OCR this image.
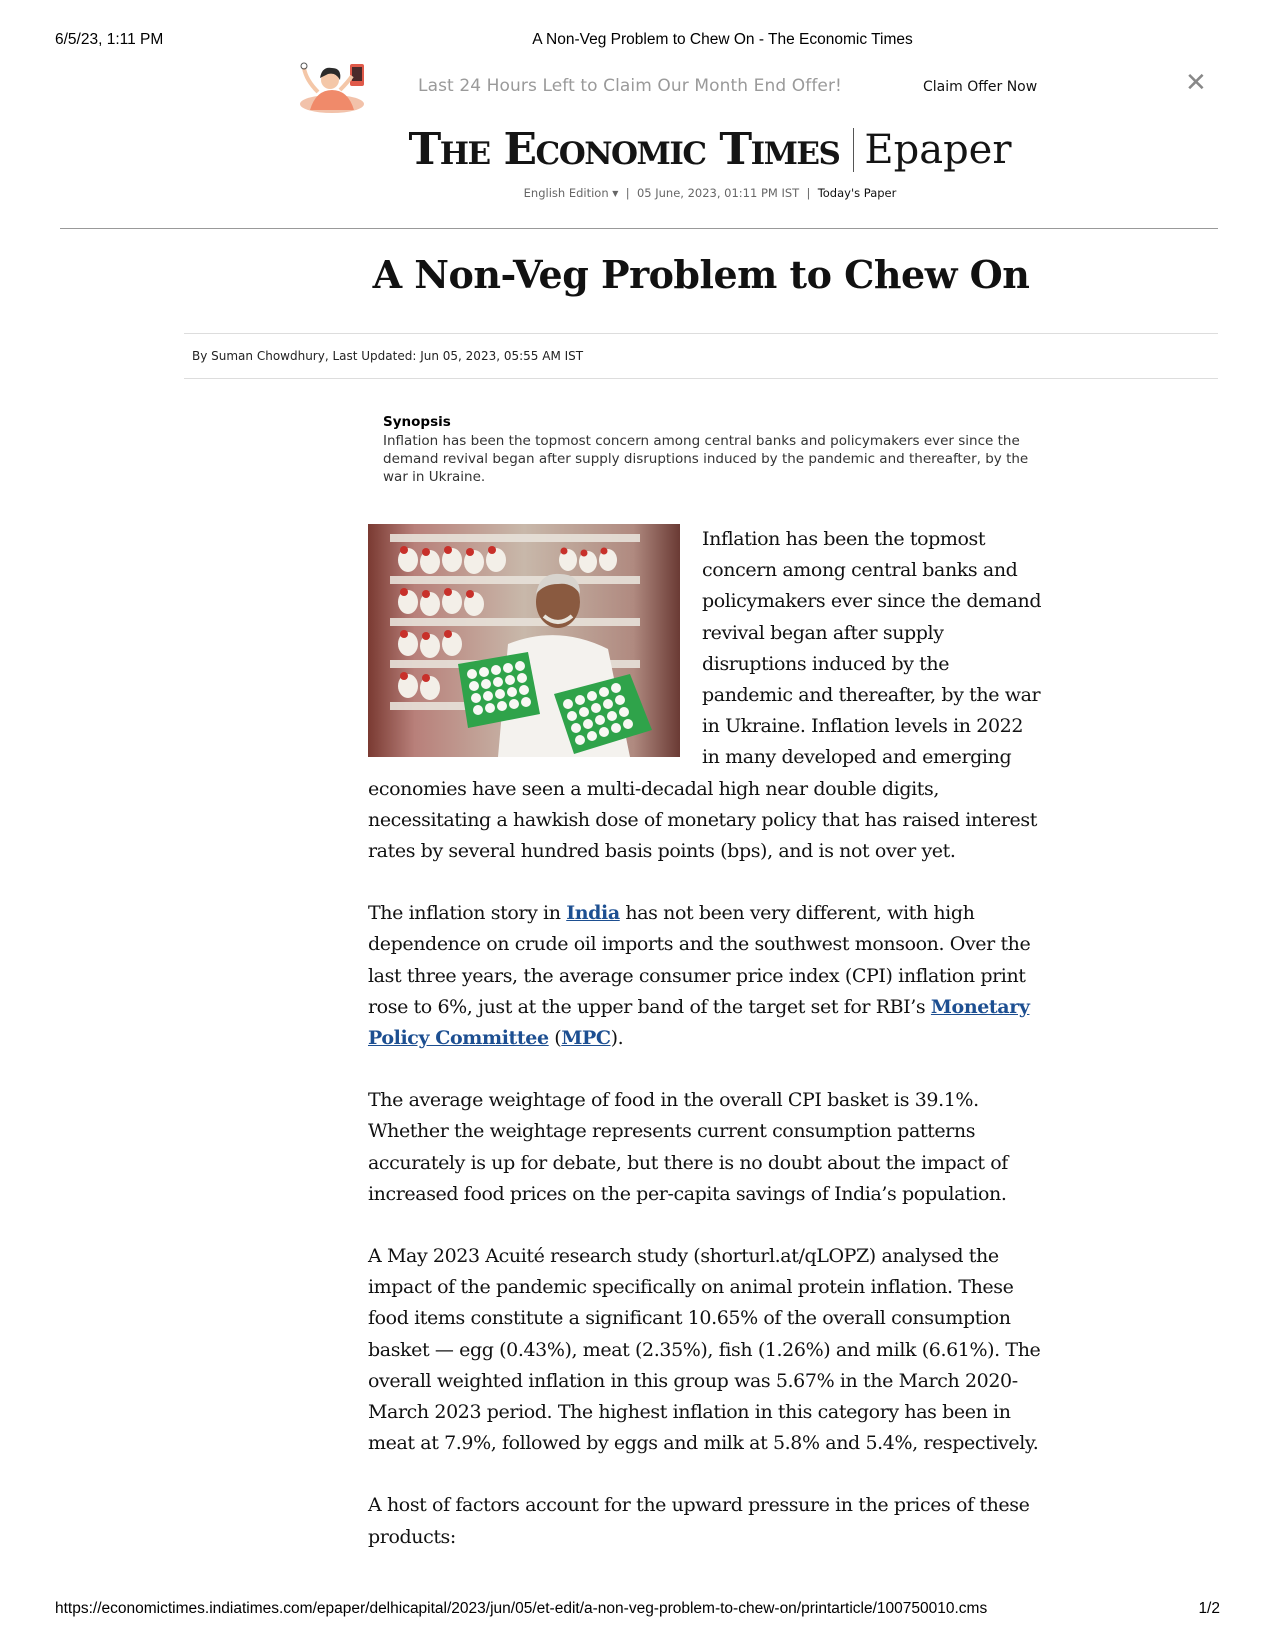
6/5/23, 1:11 PM	A Non-Veg Problem to Chew On - The Economic Times
Last 24 Hours Left to Claim Our Month End Offer!	Claim Offer Now	✕
The Economic Times Epaper
English Edition ▼ | 05 June, 2023, 01:11 PM IST | Today's Paper
A Non-Veg Problem to Chew On
By Suman Chowdhury, Last Updated: Jun 05, 2023, 05:55 AM IST
Synopsis
Inflation has been the topmost concern among central banks and policymakers ever since the demand revival began after supply disruptions induced by the pandemic and thereafter, by the war in Ukraine.

Inflation has been the topmost concern among central banks and policymakers ever since the demand revival began after supply disruptions induced by the pandemic and thereafter, by the war in Ukraine. Inflation levels in 2022 in many developed and emerging economies have seen a multi-decadal high near double digits, necessitating a hawkish dose of monetary policy that has raised interest rates by several hundred basis points (bps), and is not over yet.

The inflation story in India has not been very different, with high dependence on crude oil imports and the southwest monsoon. Over the last three years, the average consumer price index (CPI) inflation print rose to 6%, just at the upper band of the target set for RBI’s Monetary Policy Committee (MPC).

The average weightage of food in the overall CPI basket is 39.1%. Whether the weightage represents current consumption patterns accurately is up for debate, but there is no doubt about the impact of increased food prices on the per-capita savings of India’s population.

A May 2023 Acuité research study (shorturl.at/qLOPZ) analysed the impact of the pandemic specifically on animal protein inflation. These food items constitute a significant 10.65% of the overall consumption basket — egg (0.43%), meat (2.35%), fish (1.26%) and milk (6.61%). The overall weighted inflation in this group was 5.67% in the March 2020-March 2023 period. The highest inflation in this category has been in meat at 7.9%, followed by eggs and milk at 5.8% and 5.4%, respectively.

A host of factors account for the upward pressure in the prices of these products:

https://economictimes.indiatimes.com/epaper/delhicapital/2023/jun/05/et-edit/a-non-veg-problem-to-chew-on/printarticle/100750010.cms	1/2
